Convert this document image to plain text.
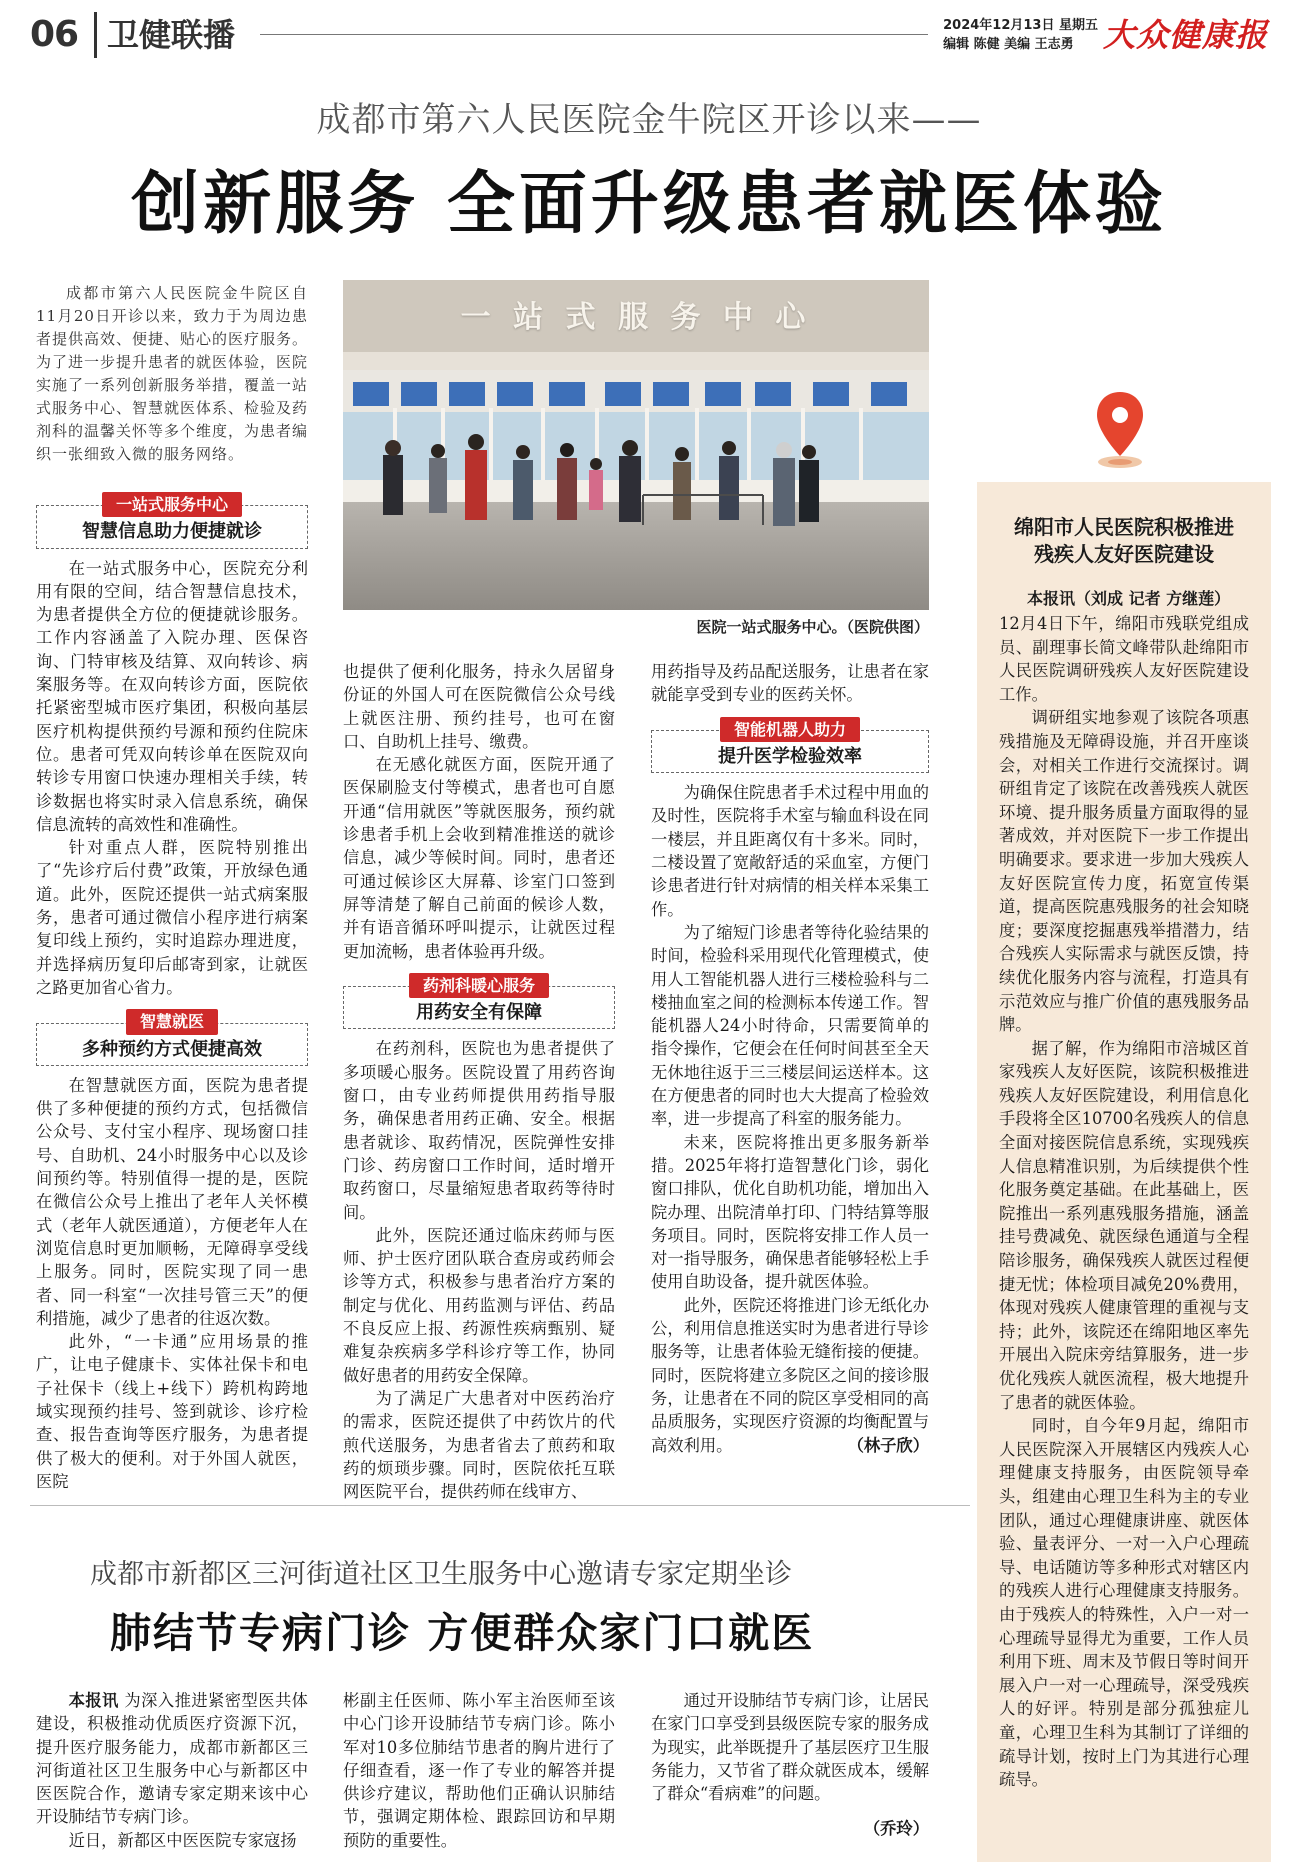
06 卫健联播	2024年12月13日 星期五
编辑 陈健 美编 王志勇 大众健康报
成都市第六人民医院金牛院区开诊以来——
创新服务 全面升级患者就医体验

成都市第六人民医院金牛院区自11月20日开诊以来，致力于为周边患者提供高效、便捷、贴心的医疗服务。为了进一步提升患者的就医体验，医院实施了一系列创新服务举措，覆盖一站式服务中心、智慧就医体系、检验及药剂科的温馨关怀等多个维度，为患者编织一张细致入微的服务网络。

一站式服务中心
智慧信息助力便捷就诊

在一站式服务中心，医院充分利用有限的空间，结合智慧信息技术，为患者提供全方位的便捷就诊服务。工作内容涵盖了入院办理、医保咨询、门特审核及结算、双向转诊、病案服务等。在双向转诊方面，医院依托紧密型城市医疗集团，积极向基层医疗机构提供预约号源和预约住院床位。患者可凭双向转诊单在医院双向转诊专用窗口快速办理相关手续，转诊数据也将实时录入信息系统，确保信息流转的高效性和准确性。

针对重点人群，医院特别推出了“先诊疗后付费”政策，开放绿色通道。此外，医院还提供一站式病案服务，患者可通过微信小程序进行病案复印线上预约，实时追踪办理进度，并选择病历复印后邮寄到家，让就医之路更加省心省力。

智慧就医
多种预约方式便捷高效

在智慧就医方面，医院为患者提供了多种便捷的预约方式，包括微信公众号、支付宝小程序、现场窗口挂号、自助机、24小时服务中心以及诊间预约等。特别值得一提的是，医院在微信公众号上推出了老年人关怀模式（老年人就医通道），方便老年人在浏览信息时更加顺畅，无障碍享受线上服务。同时，医院实现了同一患者、同一科室“一次挂号管三天”的便利措施，减少了患者的往返次数。

此外，“一卡通”应用场景的推广，让电子健康卡、实体社保卡和电子社保卡（线上+线下）跨机构跨地域实现预约挂号、签到就诊、诊疗检查、报告查询等医疗服务，为患者提供了极大的便利。对于外国人就医，医院

一 站 式 服 务 中 心
医院一站式服务中心。（医院供图）

也提供了便利化服务，持永久居留身份证的外国人可在医院微信公众号线上就医注册、预约挂号，也可在窗口、自助机上挂号、缴费。

在无感化就医方面，医院开通了医保刷脸支付等模式，患者也可自愿开通“信用就医”等就医服务，预约就诊患者手机上会收到精准推送的就诊信息，减少等候时间。同时，患者还可通过候诊区大屏幕、诊室门口签到屏等清楚了解自己前面的候诊人数，并有语音循环呼叫提示，让就医过程更加流畅，患者体验再升级。

药剂科暖心服务
用药安全有保障

在药剂科，医院也为患者提供了多项暖心服务。医院设置了用药咨询窗口，由专业药师提供用药指导服务，确保患者用药正确、安全。根据患者就诊、取药情况，医院弹性安排门诊、药房窗口工作时间，适时增开取药窗口，尽量缩短患者取药等待时间。

此外，医院还通过临床药师与医师、护士医疗团队联合查房或药师会诊等方式，积极参与患者治疗方案的制定与优化、用药监测与评估、药品不良反应上报、药源性疾病甄别、疑难复杂疾病多学科诊疗等工作，协同做好患者的用药安全保障。

为了满足广大患者对中医药治疗的需求，医院还提供了中药饮片的代煎代送服务，为患者省去了煎药和取药的烦琐步骤。同时，医院依托互联网医院平台，提供药师在线审方、

用药指导及药品配送服务，让患者在家就能享受到专业的医药关怀。

智能机器人助力
提升医学检验效率

为确保住院患者手术过程中用血的及时性，医院将手术室与输血科设在同一楼层，并且距离仅有十多米。同时，二楼设置了宽敞舒适的采血室，方便门诊患者进行针对病情的相关样本采集工作。

为了缩短门诊患者等待化验结果的时间，检验科采用现代化管理模式，使用人工智能机器人进行三楼检验科与二楼抽血室之间的检测标本传递工作。智能机器人24小时待命，只需要简单的指令操作，它便会在任何时间甚至全天无休地往返于三三楼层间运送样本。这在方便患者的同时也大大提高了检验效率，进一步提高了科室的服务能力。

未来，医院将推出更多服务新举措。2025年将打造智慧化门诊，弱化窗口排队，优化自助机功能，增加出入院办理、出院清单打印、门特结算等服务项目。同时，医院将安排工作人员一对一指导服务，确保患者能够轻松上手使用自助设备，提升就医体验。

此外，医院还将推进门诊无纸化办公，利用信息推送实时为患者进行导诊服务等，让患者体验无缝衔接的便捷。同时，医院将建立多院区之间的接诊服务，让患者在不同的院区享受相同的高品质服务，实现医疗资源的均衡配置与高效利用。	（林子欣）

绵阳市人民医院积极推进
残疾人友好医院建设
本报讯（刘成 记者 方继莲）

12月4日下午，绵阳市残联党组成员、副理事长简文峰带队赴绵阳市人民医院调研残疾人友好医院建设工作。

调研组实地参观了该院各项惠残措施及无障碍设施，并召开座谈会，对相关工作进行交流探讨。调研组肯定了该院在改善残疾人就医环境、提升服务质量方面取得的显著成效，并对医院下一步工作提出明确要求。要求进一步加大残疾人友好医院宣传力度，拓宽宣传渠道，提高医院惠残服务的社会知晓度；要深度挖掘惠残举措潜力，结合残疾人实际需求与就医反馈，持续优化服务内容与流程，打造具有示范效应与推广价值的惠残服务品牌。

据了解，作为绵阳市涪城区首家残疾人友好医院，该院积极推进残疾人友好医院建设，利用信息化手段将全区10700名残疾人的信息全面对接医院信息系统，实现残疾人信息精准识别，为后续提供个性化服务奠定基础。在此基础上，医院推出一系列惠残服务措施，涵盖挂号费减免、就医绿色通道与全程陪诊服务，确保残疾人就医过程便捷无忧；体检项目减免20%费用，体现对残疾人健康管理的重视与支持；此外，该院还在绵阳地区率先开展出入院床旁结算服务，进一步优化残疾人就医流程，极大地提升了患者的就医体验。

同时，自今年9月起，绵阳市人民医院深入开展辖区内残疾人心理健康支持服务，由医院领导牵头，组建由心理卫生科为主的专业团队，通过心理健康讲座、就医体验、量表评分、一对一入户心理疏导、电话随访等多种形式对辖区内的残疾人进行心理健康支持服务。由于残疾人的特殊性，入户一对一心理疏导显得尤为重要，工作人员利用下班、周末及节假日等时间开展入户一对一心理疏导，深受残疾人的好评。特别是部分孤独症儿童，心理卫生科为其制订了详细的疏导计划，按时上门为其进行心理疏导。

成都市新都区三河街道社区卫生服务中心邀请专家定期坐诊
肺结节专病门诊 方便群众家门口就医

本报讯 为深入推进紧密型医共体建设，积极推动优质医疗资源下沉，提升医疗服务能力，成都市新都区三河街道社区卫生服务中心与新都区中医医院合作，邀请专家定期来该中心开设肺结节专病门诊。

近日，新都区中医医院专家寇扬

彬副主任医师、陈小军主治医师至该中心门诊开设肺结节专病门诊。陈小军对10多位肺结节患者的胸片进行了仔细查看，逐一作了专业的解答并提供诊疗建议，帮助他们正确认识肺结节，强调定期体检、跟踪回访和早期预防的重要性。

通过开设肺结节专病门诊，让居民在家门口享受到县级医院专家的服务成为现实，此举既提升了基层医疗卫生服务能力，又节省了群众就医成本，缓解了群众“看病难”的问题。

（乔玲）
